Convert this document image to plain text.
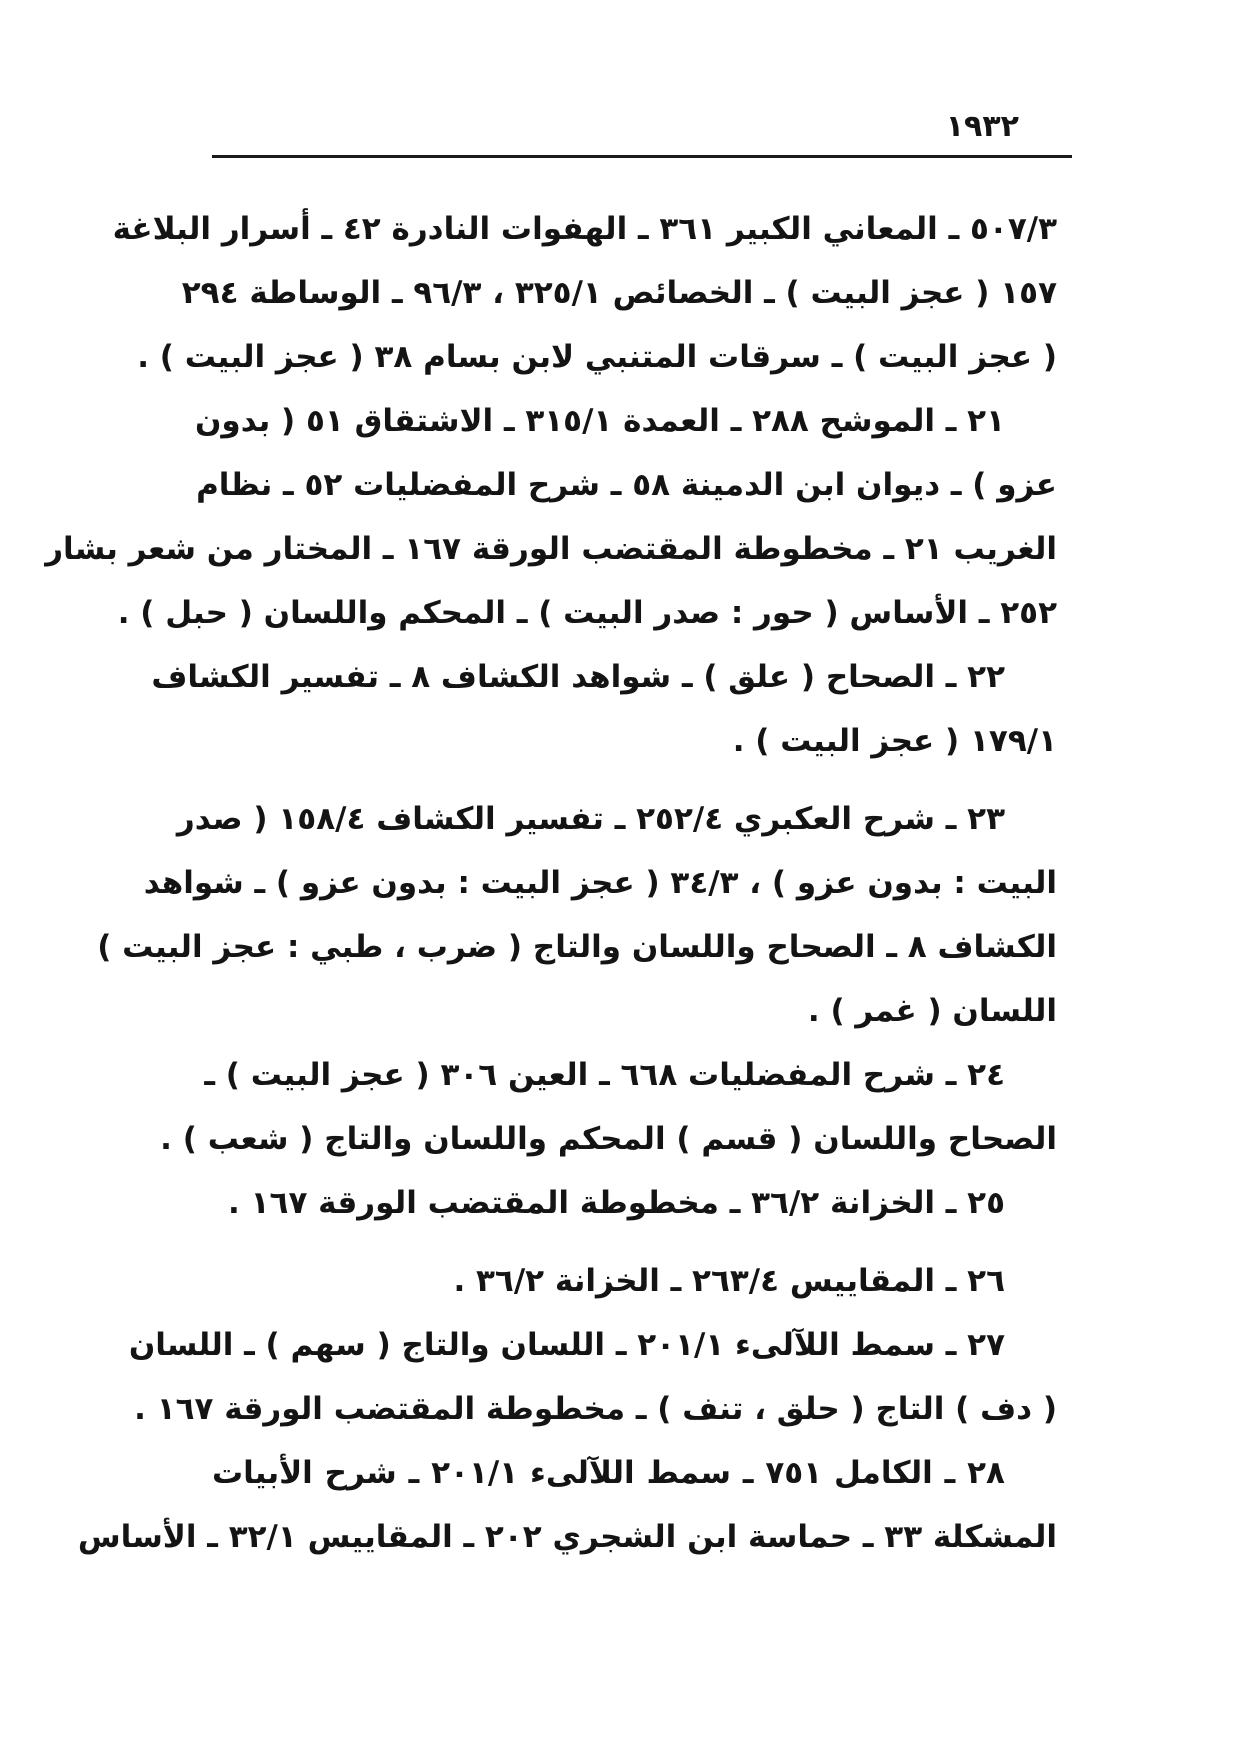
١٩٣٢
٥٠٧/٣ ـ المعاني الكبير ٣٦١ ـ الهفوات النادرة ٤٢ ـ أسرار البلاغة
١٥٧ ( عجز البيت ) ـ الخصائص ٣٢٥/١ ، ٩٦/٣ ـ الوساطة ٢٩٤
( عجز البيت ) ـ سرقات المتنبي لابن بسام ٣٨ ( عجز البيت ) .
٢١ ـ الموشح ٢٨٨ ـ العمدة ٣١٥/١ ـ الاشتقاق ٥١ ( بدون
عزو ) ـ ديوان ابن الدمينة ٥٨ ـ شرح المفضليات ٥٢ ـ نظام
الغريب ٢١ ـ مخطوطة المقتضب الورقة ١٦٧ ـ المختار من شعر بشار
٢٥٢ ـ الأساس ( حور : صدر البيت ) ـ المحكم واللسان ( حبل ) .
٢٢ ـ الصحاح ( علق ) ـ شواهد الكشاف ٨ ـ تفسير الكشاف
١٧٩/١ ( عجز البيت ) .
٢٣ ـ شرح العكبري ٢٥٢/٤ ـ تفسير الكشاف ١٥٨/٤ ( صدر
البيت : بدون عزو ) ، ٣٤/٣ ( عجز البيت : بدون عزو ) ـ شواهد
الكشاف ٨ ـ الصحاح واللسان والتاج ( ضرب ، طبي : عجز البيت )
اللسان ( غمر ) .
٢٤ ـ شرح المفضليات ٦٦٨ ـ العين ٣٠٦ ( عجز البيت ) ـ
الصحاح واللسان ( قسم ) المحكم واللسان والتاج ( شعب ) .
٢٥ ـ الخزانة ٣٦/٢ ـ مخطوطة المقتضب الورقة ١٦٧ .
٢٦ ـ المقاييس ٢٦٣/٤ ـ الخزانة ٣٦/٢ .
٢٧ ـ سمط اللآلىء ٢٠١/١ ـ اللسان والتاج ( سهم ) ـ اللسان
( دف ) التاج ( حلق ، تنف ) ـ مخطوطة المقتضب الورقة ١٦٧ .
٢٨ ـ الكامل ٧٥١ ـ سمط اللآلىء ٢٠١/١ ـ شرح الأبيات
المشكلة ٣٣ ـ حماسة ابن الشجري ٢٠٢ ـ المقاييس ٣٢/١ ـ الأساس
